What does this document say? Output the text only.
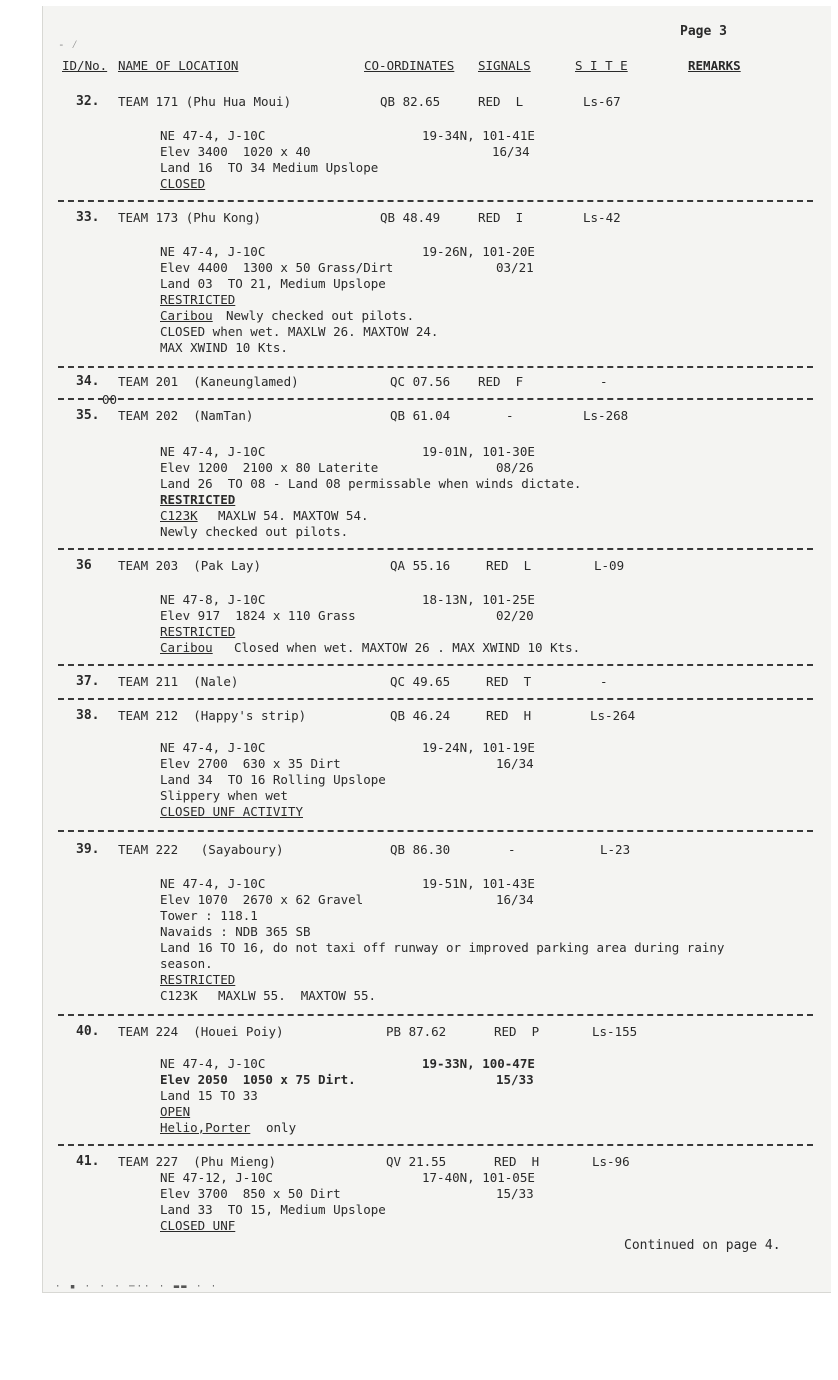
- ⁄
Page 3
ID/No. NAME OF LOCATION	CO-ORDINATES SIGNALS	S I T E	REMARKS
32. TEAM 171 (Phu Hua Moui)	QB 82.65	RED  L	Ls-67
NE 47-4, J-10C	19-34N, 101-41E
Elev 3400  1020 x 40	16/34
Land 16  TO 34 Medium Upslope
CLOSED
33. TEAM 173 (Phu Kong)	QB 48.49	RED  I	Ls-42
NE 47-4, J-10C	19-26N, 101-20E
Elev 4400  1300 x 50 Grass/Dirt	03/21
Land 03  TO 21, Medium Upslope
RESTRICTED
Caribou Newly checked out pilots.
CLOSED when wet. MAXLW 26. MAXTOW 24.
MAX XWIND 10 Kts.
34. TEAM 201  (Kaneunglamed)	QC 07.56 RED  F	-
00
35. TEAM 202  (NamTan)	QB 61.04	-	Ls-268
NE 47-4, J-10C	19-01N, 101-30E
Elev 1200  2100 x 80 Laterite	08/26
Land 26  TO 08 - Land 08 permissable when winds dictate.
RESTRICTED
C123K MAXLW 54. MAXTOW 54.
Newly checked out pilots.
36 TEAM 203  (Pak Lay)	QA 55.16	RED  L	L-09
NE 47-8, J-10C	18-13N, 101-25E
Elev 917  1824 x 110 Grass	02/20
RESTRICTED
Caribou Closed when wet. MAXTOW 26 . MAX XWIND 10 Kts.
37. TEAM 211  (Nale)	QC 49.65	RED  T	-
38. TEAM 212  (Happy's strip)	QB 46.24	RED  H	Ls-264
NE 47-4, J-10C	19-24N, 101-19E
Elev 2700  630 x 35 Dirt	16/34
Land 34  TO 16 Rolling Upslope
Slippery when wet
CLOSED UNF ACTIVITY
39. TEAM 222   (Sayaboury)	QB 86.30	-	L-23
NE 47-4, J-10C	19-51N, 101-43E
Elev 1070  2670 x 62 Gravel	16/34
Tower : 118.1
Navaids : NDB 365 SB
Land 16 TO 16, do not taxi off runway or improved parking area during rainy
season.
RESTRICTED
C123K MAXLW 55.  MAXTOW 55.
40. TEAM 224  (Houei Poiy)	PB 87.62	RED  P	Ls-155
NE 47-4, J-10C	19-33N, 100-47E
Elev 2050  1050 x 75 Dirt.	15/33
Land 15 TO 33
OPEN
Helio,Porter only
41. TEAM 227  (Phu Mieng)	QV 21.55	RED  H	Ls-96
NE 47-12, J-10C	17-40N, 101-05E
Elev 3700  850 x 50 Dirt	15/33
Land 33  TO 15, Medium Upslope
CLOSED UNF
Continued on page 4.
· ▪ · · · ─·· · ▬▬ · ·
